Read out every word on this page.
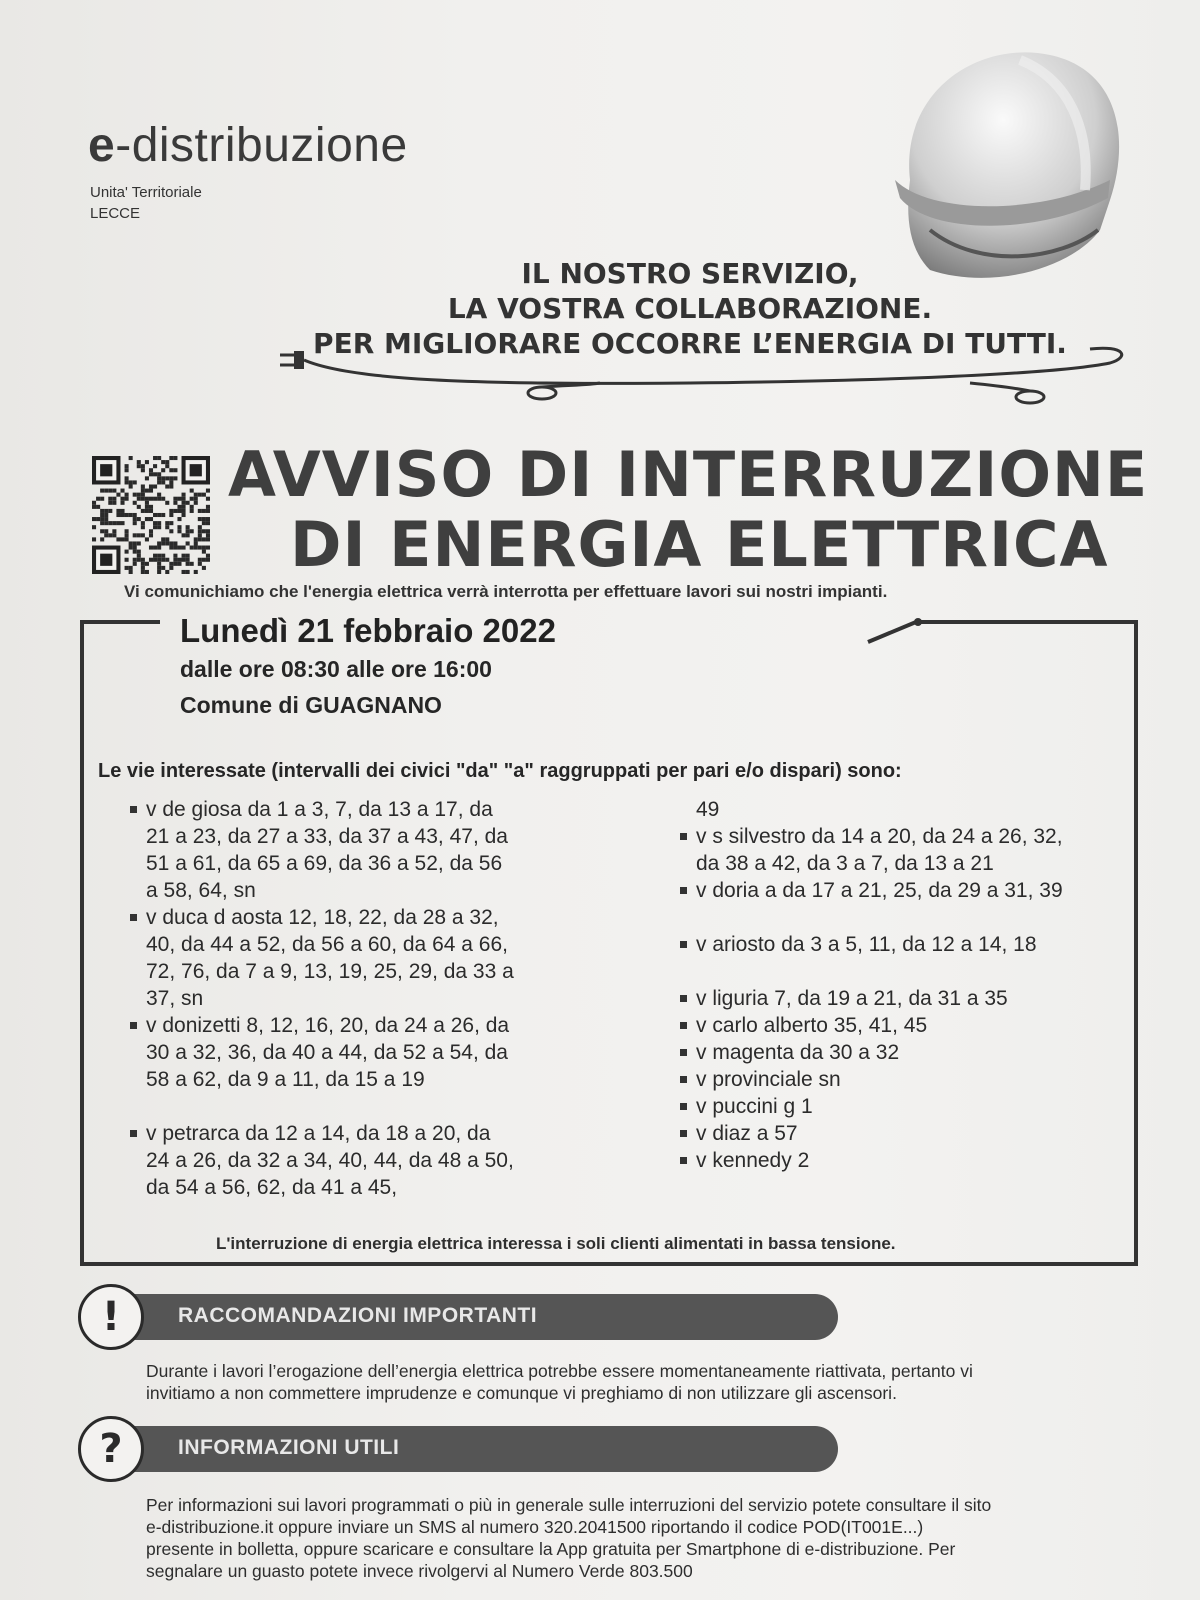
e-distribuzione
Unita' Territoriale
LECCE
IL NOSTRO SERVIZIO,
LA VOSTRA COLLABORAZIONE.
PER MIGLIORARE OCCORRE L’ENERGIA DI TUTTI.
AVVISO DI INTERRUZIONE
DI ENERGIA ELETTRICA
Vi comunichiamo che l'energia elettrica verrà interrotta per effettuare lavori sui nostri impianti.
Lunedì 21 febbraio 2022
dalle ore 08:30 alle ore 16:00
Comune di GUAGNANO
Le vie interessate (intervalli dei civici "da" "a" raggruppati per pari e/o dispari) sono:
v de giosa da 1 a 3, 7, da 13 a 17, da
21 a 23, da 27 a 33, da 37 a 43, 47, da
51 a 61, da 65 a 69, da 36 a 52, da 56
a 58, 64, sn
v duca d aosta 12, 18, 22, da 28 a 32,
40, da 44 a 52, da 56 a 60, da 64 a 66,
72, 76, da 7 a 9, 13, 19, 25, 29, da 33 a
37, sn
v donizetti 8, 12, 16, 20, da 24 a 26, da
30 a 32, 36, da 40 a 44, da 52 a 54, da
58 a 62, da 9 a 11, da 15 a 19
v petrarca da 12 a 14, da 18 a 20, da
24 a 26, da 32 a 34, 40, 44, da 48 a 50,
da 54 a 56, 62, da 41 a 45,
49
v s silvestro da 14 a 20, da 24 a 26, 32,
da 38 a 42, da 3 a 7, da 13 a 21
v doria a da 17 a 21, 25, da 29 a 31, 39
v ariosto da 3 a 5, 11, da 12 a 14, 18
v liguria 7, da 19 a 21, da 31 a 35
v carlo alberto 35, 41, 45
v magenta da 30 a 32
v provinciale sn
v puccini g 1
v diaz a 57
v kennedy 2
L'interruzione di energia elettrica interessa i soli clienti alimentati in bassa tensione.
!	RACCOMANDAZIONI IMPORTANTI
Durante i lavori l’erogazione dell’energia elettrica potrebbe essere momentaneamente riattivata, pertanto vi
invitiamo a non commettere imprudenze e comunque vi preghiamo di non utilizzare gli ascensori.
?	INFORMAZIONI UTILI
Per informazioni sui lavori programmati o più in generale sulle interruzioni del servizio potete consultare il sito
e-distribuzione.it oppure inviare un SMS al numero 320.2041500 riportando il codice POD(IT001E...)
presente in bolletta, oppure scaricare e consultare la App gratuita per Smartphone di e-distribuzione. Per
segnalare un guasto potete invece rivolgervi al Numero Verde 803.500
